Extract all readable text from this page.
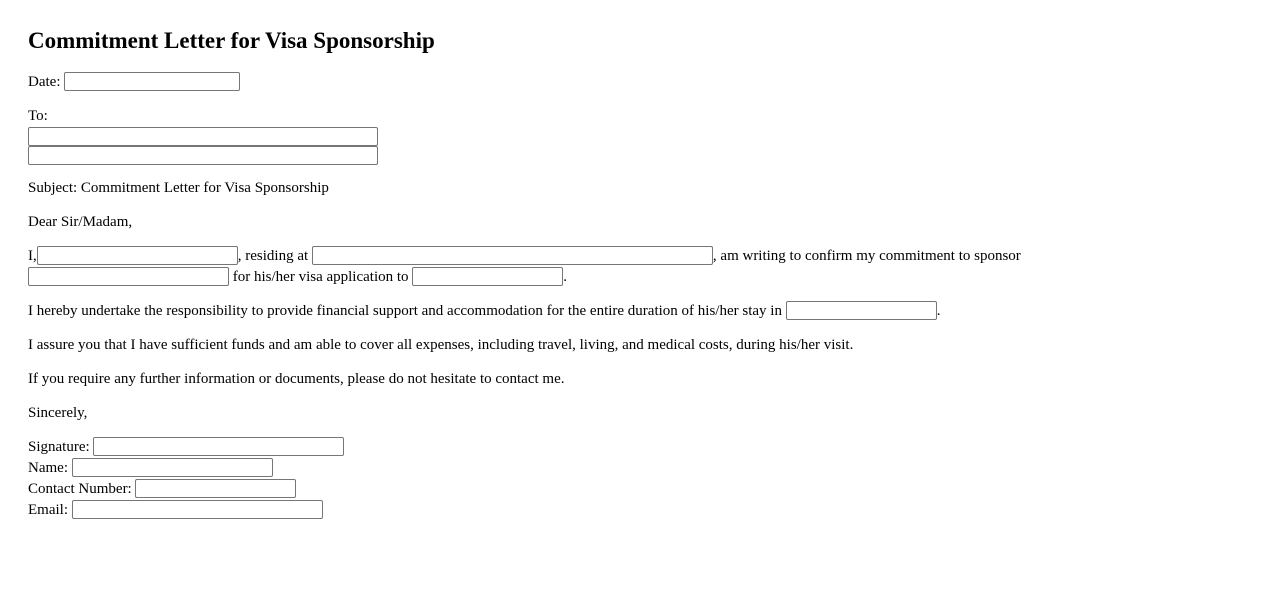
Commitment Letter for Visa Sponsorship
Date:
To:

Subject: Commitment Letter for Visa Sponsorship

Dear Sir/Madam,

I,	, residing at	, am writing to confirm my commitment to sponsor
for his/her visa application to	.
I hereby undertake the responsibility to provide financial support and accommodation for the entire duration of his/her stay in	.

I assure you that I have sufficient funds and am able to cover all expenses, including travel, living, and medical costs, during his/her visit.

If you require any further information or documents, please do not hesitate to contact me.

Sincerely,

Signature:
Name:
Contact Number:
Email:
